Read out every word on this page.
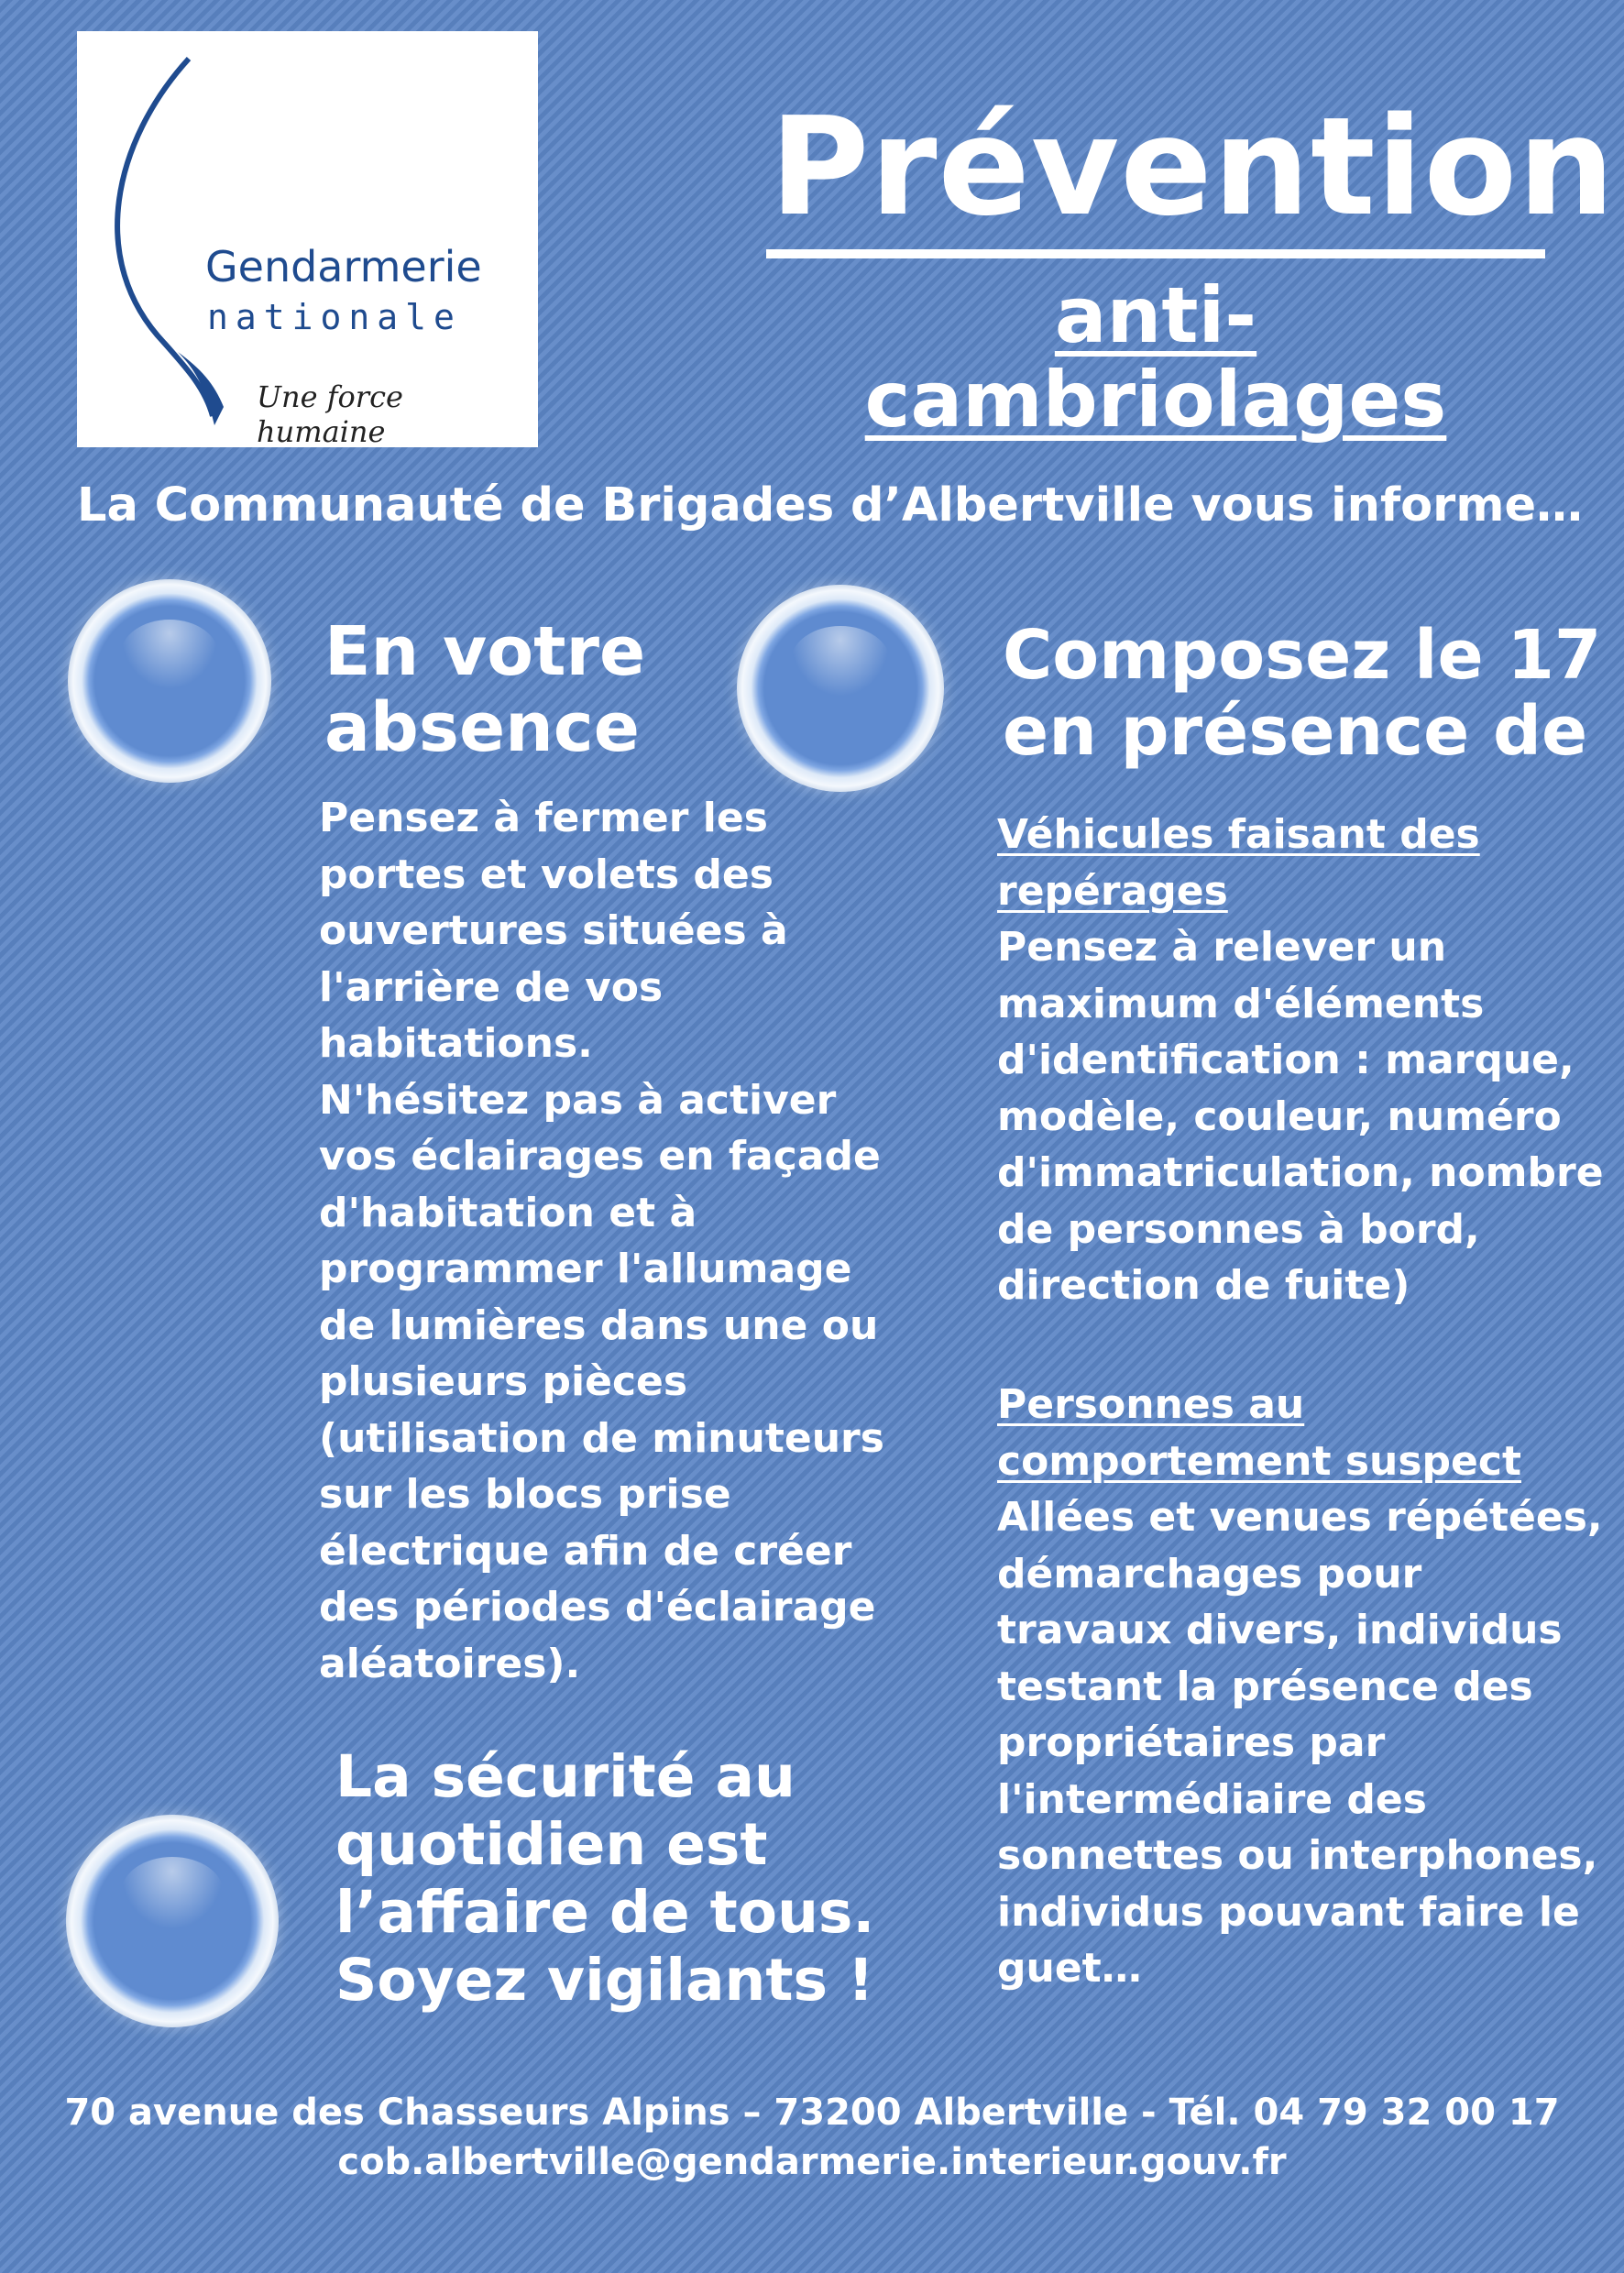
Gendarmerie
nationale
Une force humaine
Prévention
anti-cambriolages
La Communauté de Brigades d’Albertville vous informe…
En votre
absence
Pensez à fermer les
portes et volets des
ouvertures situées à
l'arrière de vos
habitations.
N'hésitez pas à activer
vos éclairages en façade
d'habitation et à
programmer l'allumage
de lumières dans une ou
plusieurs pièces
(utilisation de minuteurs
sur les blocs prise
électrique afin de créer
des périodes d'éclairage
aléatoires).
La sécurité au
quotidien est
l’affaire de tous.
Soyez vigilants !
Composez le 17
en présence de
Véhicules faisant des
repérages
Pensez à relever un
maximum d'éléments
d'identification : marque,
modèle, couleur, numéro
d'immatriculation, nombre
de personnes à bord,
direction de fuite)
Personnes au
comportement suspect
Allées et venues répétées,
démarchages pour
travaux divers, individus
testant la présence des
propriétaires par
l'intermédiaire des
sonnettes ou interphones,
individus pouvant faire le
guet…
70 avenue des Chasseurs Alpins – 73200 Albertville - Tél. 04 79 32 00 17
cob.albertville@gendarmerie.interieur.gouv.fr
